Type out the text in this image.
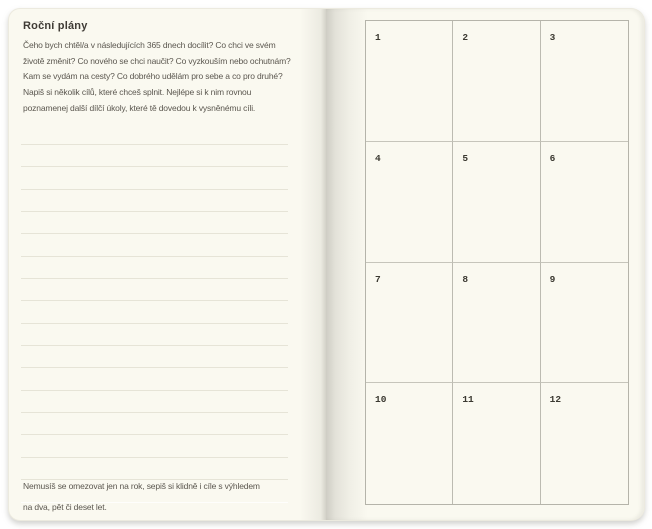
Roční plány
Čeho bych chtěl/a v následujících 365 dnech docílit? Co chci ve svém
životě změnit? Co nového se chci naučit? Co vyzkouším nebo ochutnám?
Kam se vydám na cesty? Co dobrého udělám pro sebe a co pro druhé?
Napiš si několik cílů, které chceš splnit. Nejlépe si k nim rovnou
poznamenej další dílčí úkoly, které tě dovedou k vysněnému cíli.
Nemusíš se omezovat jen na rok, sepiš si klidně i cíle s výhledem
na dva, pět či deset let.
1	2	3
4	5	6
7	8	9
10	11	12
